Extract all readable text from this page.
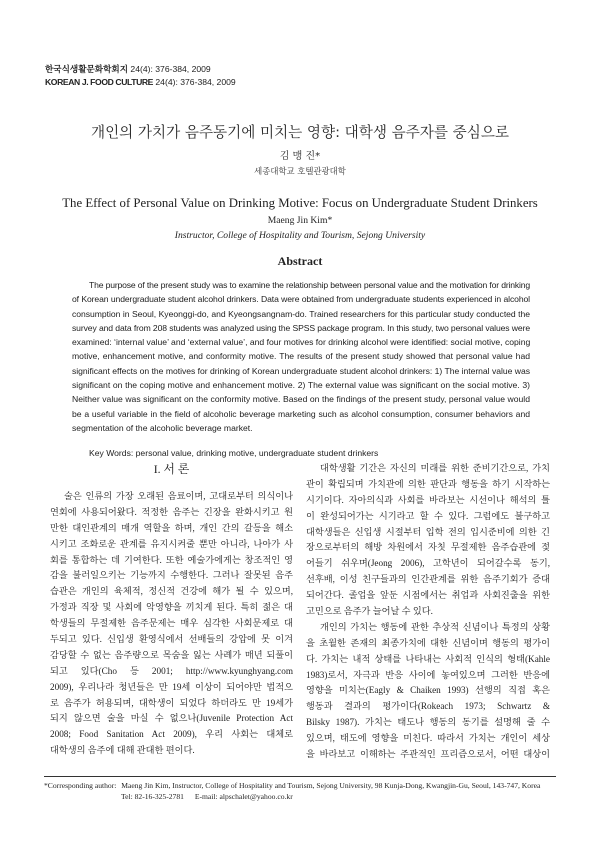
한국식생활문화학회지 24(4): 376-384, 2009
KOREAN J. FOOD CULTURE 24(4): 376-384, 2009
개인의 가치가 음주동기에 미치는 영향: 대학생 음주자를 중심으로
김 맹 진*
세종대학교 호텔관광대학
The Effect of Personal Value on Drinking Motive: Focus on Undergraduate Student Drinkers
Maeng Jin Kim*
Instructor, College of Hospitality and Tourism, Sejong University
Abstract
The purpose of the present study was to examine the relationship between personal value and the motivation for drinking
of Korean undergraduate student alcohol drinkers. Data were obtained from undergraduate students experienced in alcohol
consumption in Seoul, Kyeonggi-do, and Kyeongsangnam-do. Trained researchers for this particular study conducted the
survey and data from 208 students was analyzed using the SPSS package program. In this study, two personal values were
examined: ‘internal value’ and ‘external value’, and four motives for drinking alcohol were identified: social motive, coping
motive, enhancement motive, and conformity motive. The results of the present study showed that personal value had
significant effects on the motives for drinking of Korean undergraduate student alcohol drinkers: 1) The internal value was
significant on the coping motive and enhancement motive. 2) The external value was significant on the social motive. 3)
Neither value was significant on the conformity motive. Based on the findings of the present study, personal value would
be a useful variable in the field of alcoholic beverage marketing such as alcohol consumption, consumer behaviors and
segmentation of the alcoholic beverage market.
Key Words: personal value, drinking motive, undergraduate student drinkers
I. 서 론
술은 인류의 가장 오래된 음료이며, 고대로부터 의식이나
연회에 사용되어왔다. 적정한 음주는 긴장을 완화시키고 원
만한 대인관계의 매개 역할을 하며, 개인 간의 갈등을 해소
시키고 조화로운 관계를 유지시켜줄 뿐만 아니라, 나아가 사
회를 통합하는 데 기여한다. 또한 예술가에게는 창조적인 영
감을 불러일으키는 기능까지 수행한다. 그러나 잘못된 음주
습관은 개인의 육체적, 정신적 건강에 해가 될 수 있으며,
가정과 직장 및 사회에 악영향을 끼치게 된다. 특히 젊은 대
학생들의 무절제한 음주문제는 매우 심각한 사회문제로 대
두되고 있다. 신입생 환영식에서 선배들의 강압에 못 이겨
감당할 수 없는 음주량으로 목숨을 잃는 사례가 매년 되풀이
되고 있다(Cho 등 2001; http://www.kyunghyang.com
2009), 우리나라 청년들은 만 19세 이상이 되어야만 법적으
로 음주가 허용되며, 대학생이 되었다 하더라도 만 19세가
되지 않으면 술을 마실 수 없으나(Juvenile Protection Act
2008; Food Sanitation Act 2009), 우리 사회는 대체로
대학생의 음주에 대해 관대한 편이다.
대학생활 기간은 자신의 미래를 위한 준비기간으로, 가치
관이 확립되며 가치관에 의한 판단과 행동을 하기 시작하는
시기이다. 자아의식과 사회를 바라보는 시선이나 해석의 틀
이 완성되어가는 시기라고 할 수 있다. 그럼에도 불구하고
대학생들은 신입생 시절부터 입학 전의 입시준비에 의한 긴
장으로부터의 해방 차원에서 자칫 무절제한 음주습관에 젖
어들기 쉬우며(Jeong 2006), 고학년이 되어갈수록 동기,
선후배, 이성 친구들과의 인간관계를 위한 음주기회가 증대
되어간다. 졸업을 앞둔 시점에서는 취업과 사회진출을 위한
고민으로 음주가 늘어날 수 있다.
개인의 가치는 행동에 관한 추상적 신념이나 특정의 상황
을 초월한 존재의 최종가치에 대한 신념이며 행동의 평가이
다. 가치는 내적 상태를 나타내는 사회적 인식의 형태(Kahle
1983)로서, 자극과 반응 사이에 놓여있으며 그러한 반응에
영향을 미치는(Eagly & Chaiken 1993) 선행의 직접 혹은
행동과 결과의 평가이다(Rokeach 1973; Schwartz &
Bilsky 1987). 가치는 태도나 행동의 동기를 설명해 줄 수
있으며, 태도에 영향을 미친다. 따라서 가치는 개인이 세상
을 바라보고 이해하는 주관적인 프리즘으로서, 어떤 대상이
*Corresponding author: Maeng Jin Kim, Instructor, College of Hospitality and Tourism, Sejong University, 98 Kunja-Dong, Kwangjin-Gu, Seoul, 143-747, Korea
Tel: 82-16-325-2781 E-mail: alpschalet@yahoo.co.kr
